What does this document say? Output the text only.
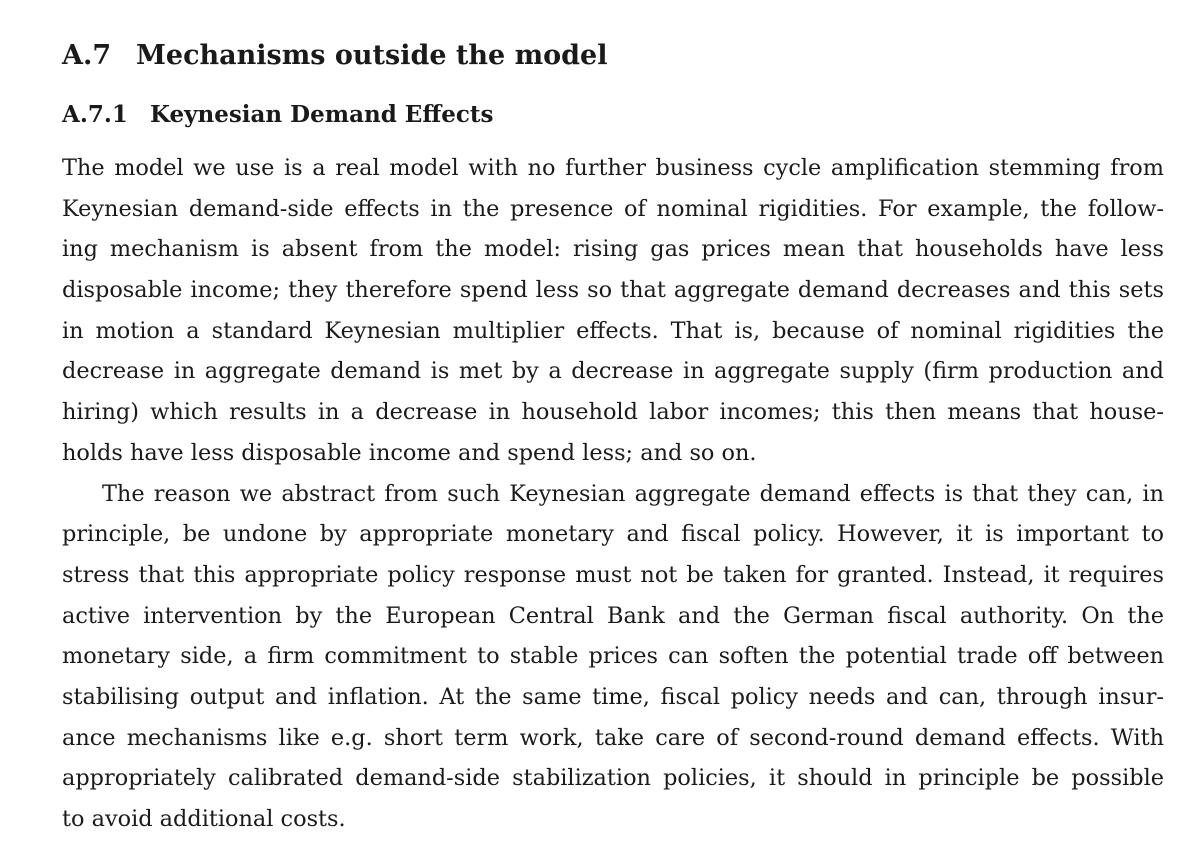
A.7 Mechanisms outside the model
A.7.1 Keynesian Demand Effects
The model we use is a real model with no further business cycle amplification stemming from
Keynesian demand-side effects in the presence of nominal rigidities. For example, the follow-
ing mechanism is absent from the model: rising gas prices mean that households have less
disposable income; they therefore spend less so that aggregate demand decreases and this sets
in motion a standard Keynesian multiplier effects. That is, because of nominal rigidities the
decrease in aggregate demand is met by a decrease in aggregate supply (firm production and
hiring) which results in a decrease in household labor incomes; this then means that house-
holds have less disposable income and spend less; and so on.
The reason we abstract from such Keynesian aggregate demand effects is that they can, in
principle, be undone by appropriate monetary and fiscal policy. However, it is important to
stress that this appropriate policy response must not be taken for granted. Instead, it requires
active intervention by the European Central Bank and the German fiscal authority. On the
monetary side, a firm commitment to stable prices can soften the potential trade off between
stabilising output and inflation. At the same time, fiscal policy needs and can, through insur-
ance mechanisms like e.g. short term work, take care of second-round demand effects. With
appropriately calibrated demand-side stabilization policies, it should in principle be possible
to avoid additional costs.
